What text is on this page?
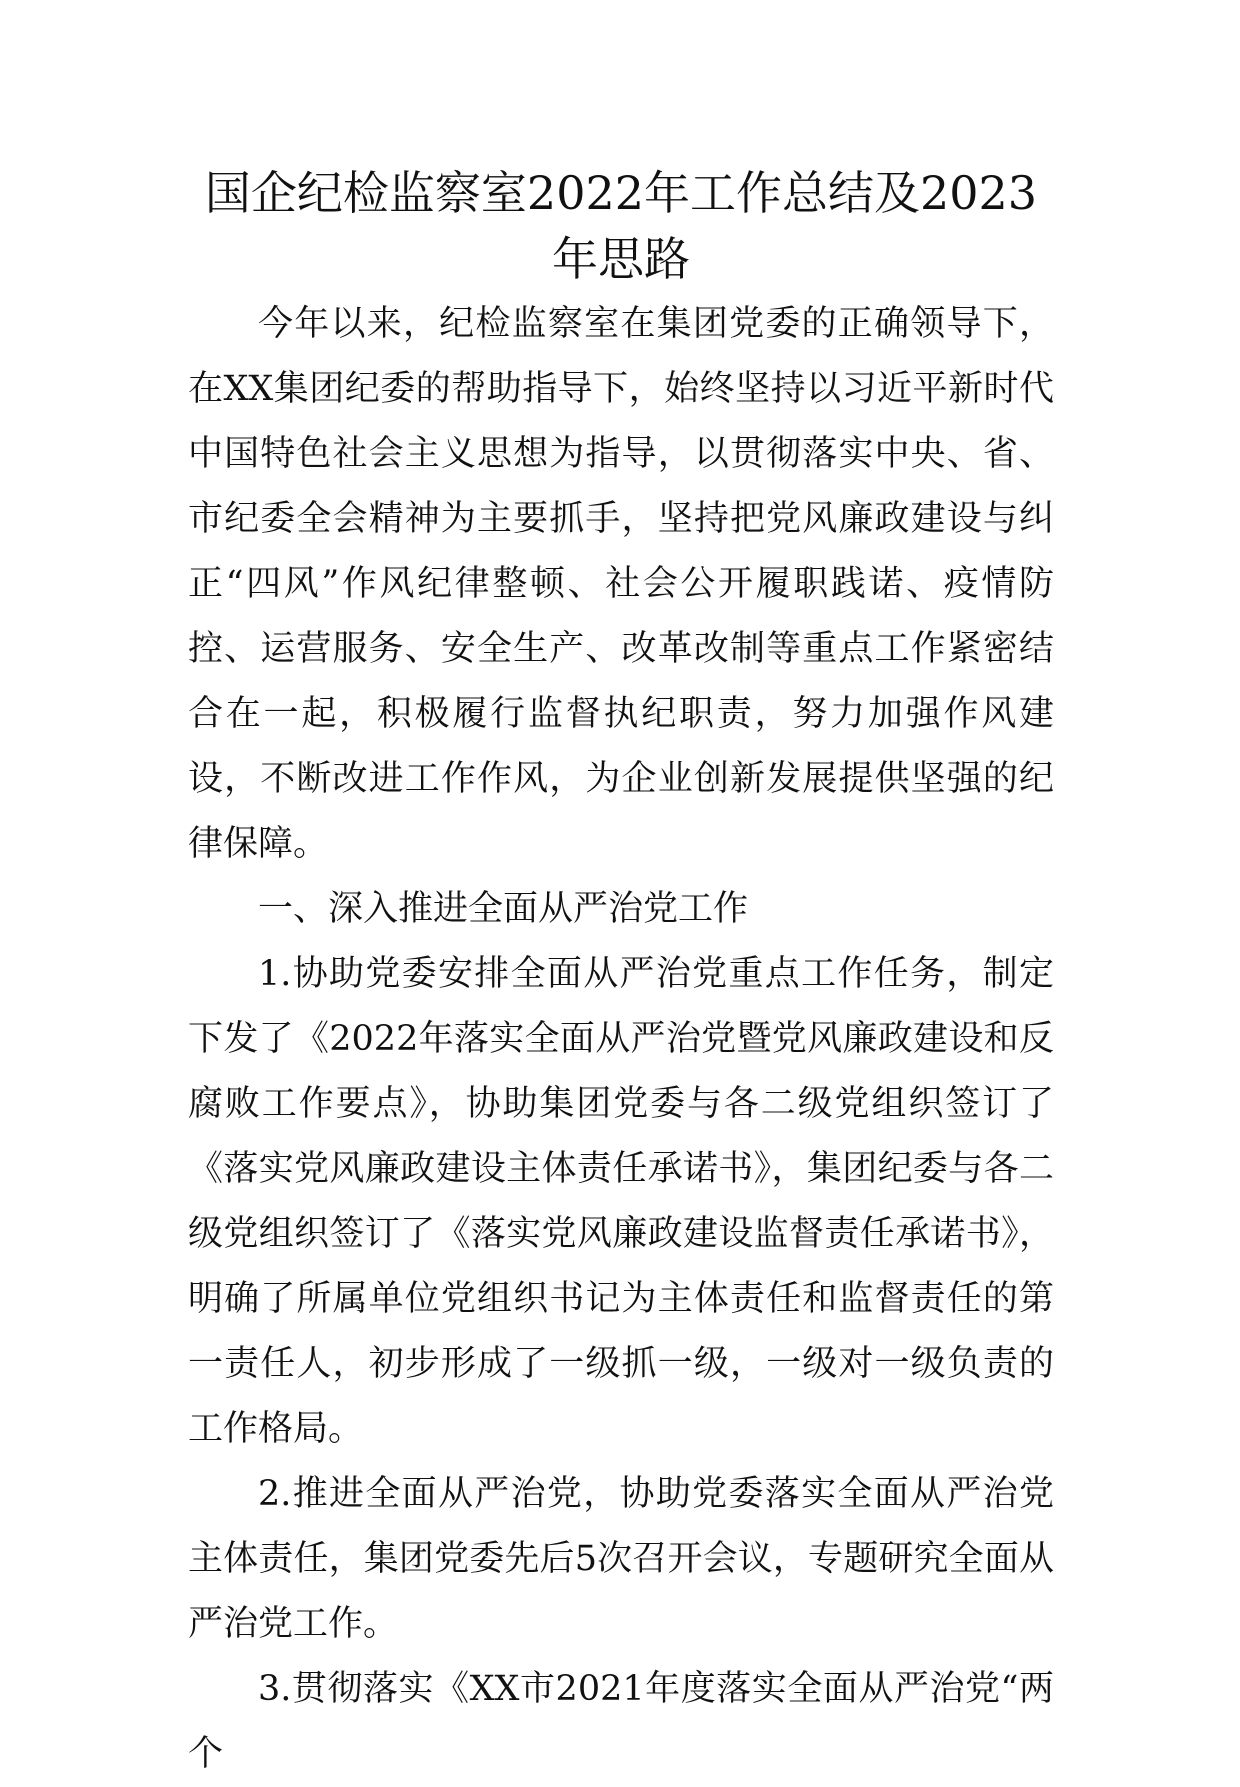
国企纪检监察室2022年工作总结及2023年思路

今年以来，纪检监察室在集团党委的正确领导下，在XX集团纪委的帮助指导下，始终坚持以习近平新时代中国特色社会主义思想为指导，以贯彻落实中央、省、市纪委全会精神为主要抓手，坚持把党风廉政建设与纠正“四风”作风纪律整顿、社会公开履职践诺、疫情防控、运营服务、安全生产、改革改制等重点工作紧密结合在一起，积极履行监督执纪职责，努力加强作风建设，不断改进工作作风，为企业创新发展提供坚强的纪律保障。

一、深入推进全面从严治党工作

1.协助党委安排全面从严治党重点工作任务，制定下发了《2022年落实全面从严治党暨党风廉政建设和反腐败工作要点》，协助集团党委与各二级党组织签订了《落实党风廉政建设主体责任承诺书》，集团纪委与各二级党组织签订了《落实党风廉政建设监督责任承诺书》，明确了所属单位党组织书记为主体责任和监督责任的第一责任人，初步形成了一级抓一级，一级对一级负责的工作格局。

2.推进全面从严治党，协助党委落实全面从严治党主体责任，集团党委先后5次召开会议，专题研究全面从严治党工作。

3.贯彻落实《XX市2021年度落实全面从严治党“两个
